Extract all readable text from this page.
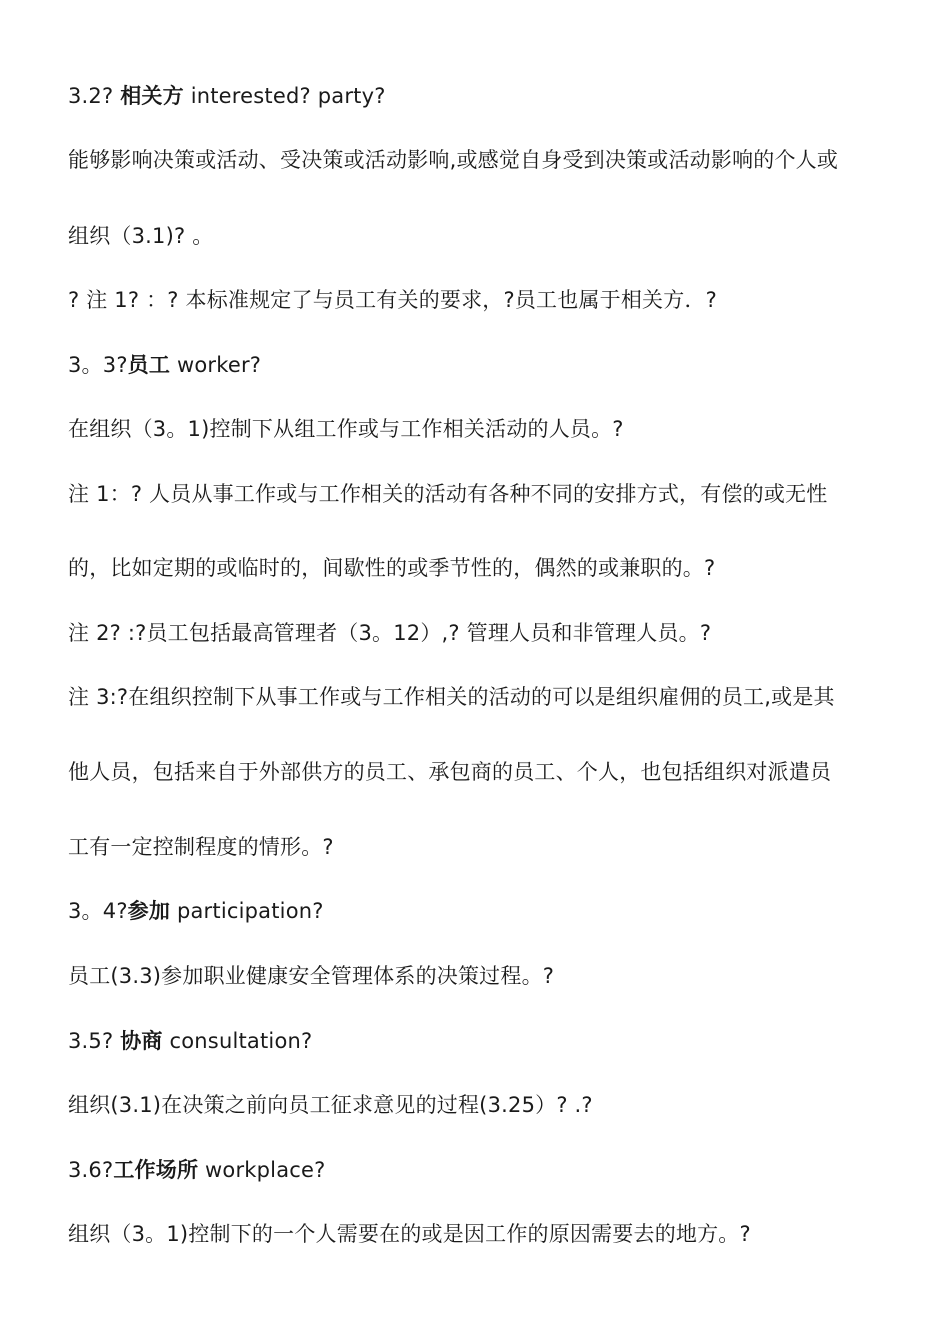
3.2? 相关方 interested? party?
能够影响决策或活动、受决策或活动影响,或感觉自身受到决策或活动影响的个人或
组织（3.1)? 。
? 注 1? ：? 本标准规定了与员工有关的要求，?员工也属于相关方．?
3。3?员工 worker?
在组织（3。1)控制下从组工作或与工作相关活动的人员。?
注 1：? 人员从事工作或与工作相关的活动有各种不同的安排方式，有偿的或无性
的，比如定期的或临时的，间歇性的或季节性的，偶然的或兼职的。?
注 2? :?员工包括最高管理者（3。12）,? 管理人员和非管理人员。?
注 3:?在组织控制下从事工作或与工作相关的活动的可以是组织雇佣的员工,或是其
他人员，包括来自于外部供方的员工、承包商的员工、个人，也包括组织对派遣员
工有一定控制程度的情形。?
3。4?参加 participation?
员工(3.3)参加职业健康安全管理体系的决策过程。?
3.5? 协商 consultation?
组织(3.1)在决策之前向员工征求意见的过程(3.25）? .?
3.6?工作场所 workplace?
组织（3。1)控制下的一个人需要在的或是因工作的原因需要去的地方。?
